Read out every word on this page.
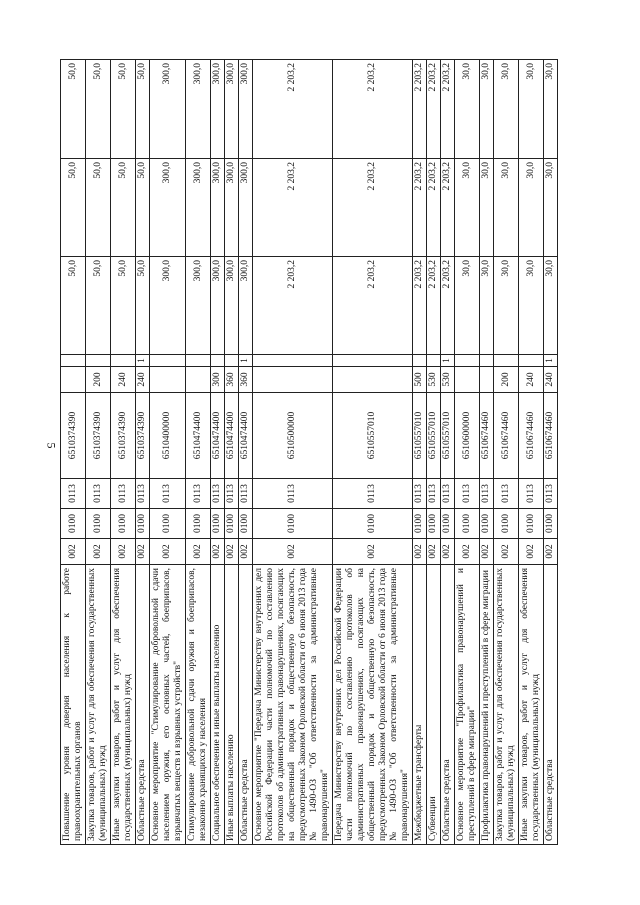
5
Повышение уровня доверия населения к работе правоохранительных органов	002	0100	0113	6510374390			50,0	50,0	50,0
Закупка товаров, работ и услуг для обеспечения государственных (муниципальных) нужд	002	0100	0113	6510374390	200		50,0	50,0	50,0
Иные закупки товаров, работ и услуг для обеспечения государственных (муниципальных) нужд	002	0100	0113	6510374390	240		50,0	50,0	50,0
Областные средства	002	0100	0113	6510374390	240	1	50,0	50,0	50,0
Основное мероприятие "Стимулирование добровольной сдачи населением оружия, его основных частей, боеприпасов, взрывчатых веществ и взрывных устройств"	002	0100	0113	6510400000			300,0	300,0	300,0
Стимулирование добровольной сдачи оружия и боеприпасов, незаконно хранящихся у населения	002	0100	0113	6510474400			300,0	300,0	300,0
Социальное обеспечение и иные выплаты населению	002	0100	0113	6510474400	300		300,0	300,0	300,0
Иные выплаты населению	002	0100	0113	6510474400	360		300,0	300,0	300,0
Областные средства	002	0100	0113	6510474400	360	1	300,0	300,0	300,0
Основное мероприятие "Передача Министерству внутренних дел Российской Федерации части полномочий по составлению протоколов об административных правонарушениях, посягающих на общественный порядок и общественную безопасность, предусмотренных Законом Орловской области от 6 июня 2013 года № 1490-ОЗ "Об ответственности за административные правонарушения"	002	0100	0113	6510500000			2 203,2	2 203,2	2 203,2
Передача Министерству внутренних дел Российской Федерации части полномочий по составлению протоколов об административных правонарушениях, посягающих на общественный порядок и общественную безопасность, предусмотренных Законом Орловской области от 6 июня 2013 года № 1490-ОЗ "Об ответственности за административные правонарушения"	002	0100	0113	6510557010			2 203,2	2 203,2	2 203,2
Межбюджетные трансферты	002	0100	0113	6510557010	500		2 203,2	2 203,2	2 203,2
Субвенции	002	0100	0113	6510557010	530		2 203,2	2 203,2	2 203,2
Областные средства	002	0100	0113	6510557010	530	1	2 203,2	2 203,2	2 203,2
Основное мероприятие "Профилактика правонарушений и преступлений в сфере миграции"	002	0100	0113	6510600000			30,0	30,0	30,0
Профилактика правонарушений и преступлений в сфере миграции	002	0100	0113	6510674460			30,0	30,0	30,0
Закупка товаров, работ и услуг для обеспечения государственных (муниципальных) нужд	002	0100	0113	6510674460	200		30,0	30,0	30,0
Иные закупки товаров, работ и услуг для обеспечения государственных (муниципальных) нужд	002	0100	0113	6510674460	240		30,0	30,0	30,0
Областные средства	002	0100	0113	6510674460	240	1	30,0	30,0	30,0
